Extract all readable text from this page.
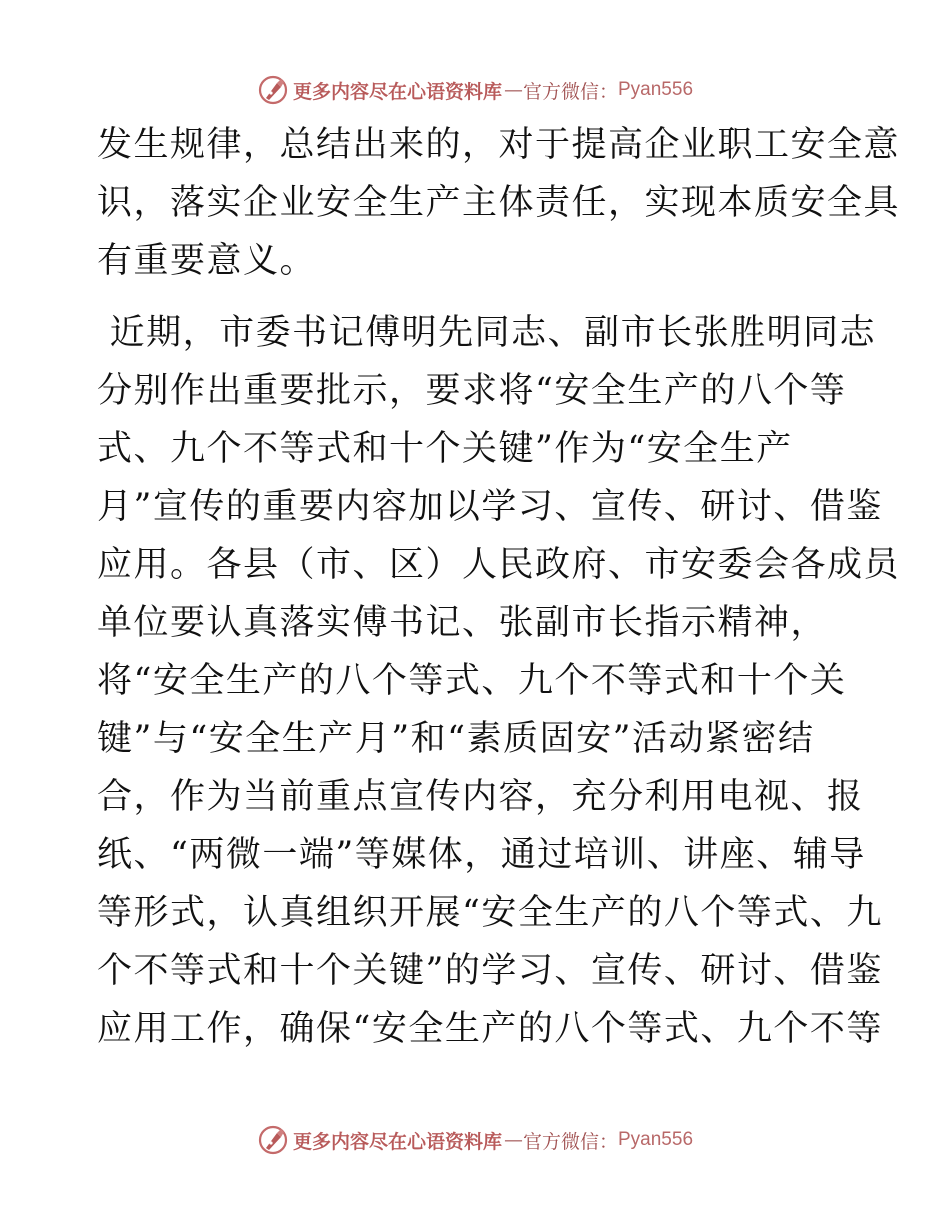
更多内容尽在心语资料库 — 官方微信： Pyan556
发生规律，总结出来的，对于提高企业职工安全意
识，落实企业安全生产主体责任，实现本质安全具
有重要意义。
近期，市委书记傅明先同志、副市长张胜明同志
分别作出重要批示，要求将“安全生产的八个等
式、九个不等式和十个关键”作为“安全生产
月”宣传的重要内容加以学习、宣传、研讨、借鉴
应用。各县（市、区）人民政府、市安委会各成员
单位要认真落实傅书记、张副市长指示精神，
将“安全生产的八个等式、九个不等式和十个关
键”与“安全生产月”和“素质固安”活动紧密结
合，作为当前重点宣传内容，充分利用电视、报
纸、“两微一端”等媒体，通过培训、讲座、辅导
等形式，认真组织开展“安全生产的八个等式、九
个不等式和十个关键”的学习、宣传、研讨、借鉴
应用工作，确保“安全生产的八个等式、九个不等
更多内容尽在心语资料库 — 官方微信： Pyan556
